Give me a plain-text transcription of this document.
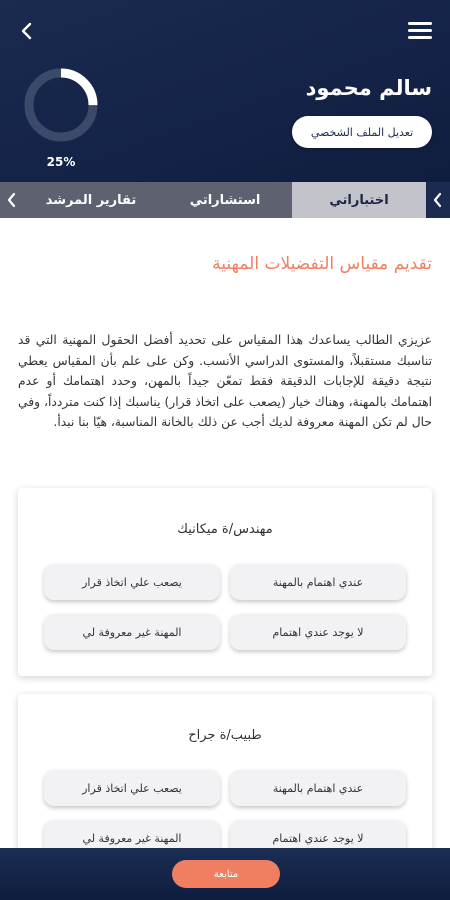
سالم محمود
تعديل الملف الشخصي
25%
تقارير المرشد	استشاراتي	اختباراتي
تقديم مقياس التفضيلات المهنية
عزيزي الطالب يساعدك هذا المقياس على تحديد أفضل الحقول المهنية التي قد تناسبك مستقبلاً، والمستوى الدراسي الأنسب. وكن على علم بأن المقياس يعطي نتيجة دقيقة للإجابات الدقيقة فقط تمعّن جيداً بالمهن، وحدد اهتمامك أو عدم اهتمامك بالمهنة، وهناك خيار (يصعب على اتخاذ قرار) يناسبك إذا كنت متردداً، وفي حال لم تكن المهنة معروفة لديك أجب عن ذلك بالخانة المناسبة، هيّا بنا نبدأ.
مهندس/ة ميكانيك
عندي اهتمام بالمهنة
يصعب علي اتخاذ قرار
لا يوجد عندي اهتمام
المهنة غير معروفة لي
طبيب/ة جراح
عندي اهتمام بالمهنة
يصعب علي اتخاذ قرار
لا يوجد عندي اهتمام
المهنة غير معروفة لي
متابعة
